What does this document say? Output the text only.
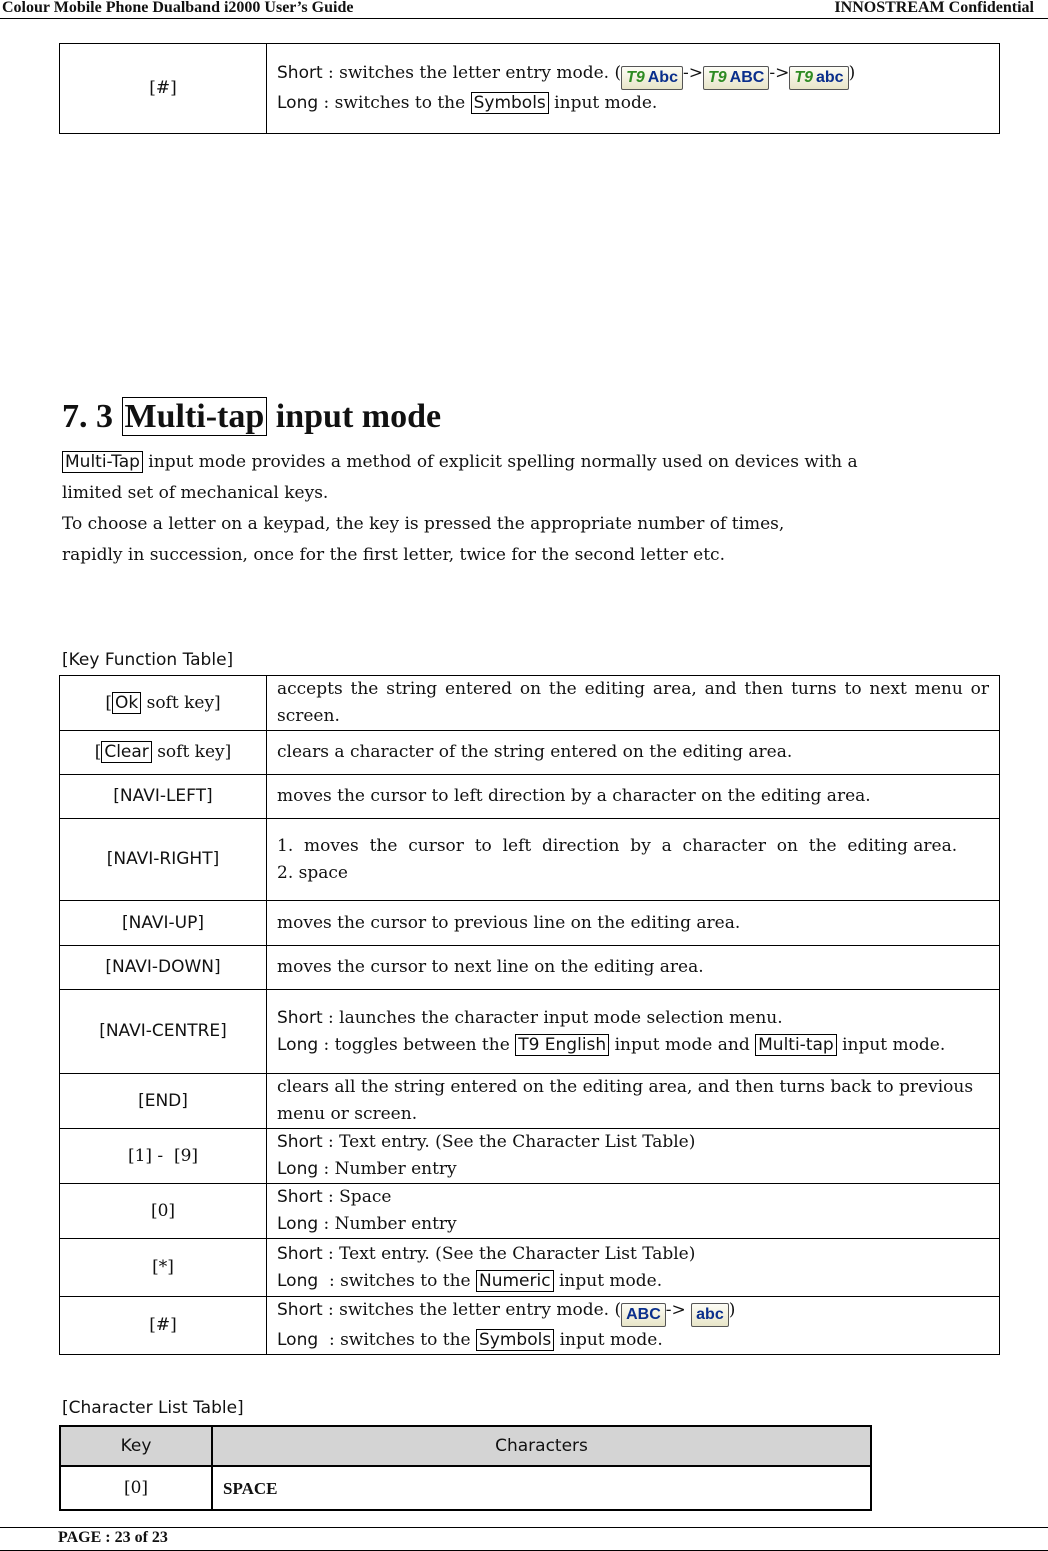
Colour Mobile Phone Dualband i2000 User’s Guide	INNOSTREAM Confidential
[#]	Short : switches the letter entry mode. ( T9 Abc -> T9 ABC -> T9 abc )
Long : switches to the Symbols input mode.
7. 3 Multi-tap input mode
Multi-Tap input mode provides a method of explicit spelling normally used on devices with a
limited set of mechanical keys.
To choose a letter on a keypad, the key is pressed the appropriate number of times,
rapidly in succession, once for the first letter, twice for the second letter etc.
[Key Function Table]
[ Ok soft key]	accepts the string entered on the editing area, and then turns to next menu or screen.
[ Clear soft key]	clears a character of the string entered on the editing area.
[NAVI-LEFT]	moves the cursor to left direction by a character on the editing area.
[NAVI-RIGHT]	1.  moves  the  cursor  to  left  direction  by  a  character  on  the  editing area.
2. space
[NAVI-UP]	moves the cursor to previous line on the editing area.
[NAVI-DOWN]	moves the cursor to next line on the editing area.
[NAVI-CENTRE]	Short : launches the character input mode selection menu.
Long : toggles between the T9 English input mode and Multi-tap input mode.
[END]	clears all the string entered on the editing area, and then turns back to previous menu or screen.
[1] -  [9]	Short : Text entry. (See the Character List Table)
Long : Number entry
[0]	Short : Space
Long : Number entry
[*]	Short : Text entry. (See the Character List Table)
Long  : switches to the Numeric input mode.
[#]	Short : switches the letter entry mode. ( ABC -> abc )
Long  : switches to the Symbols input mode.
[Character List Table]
Key	Characters
[0]	SPACE
PAGE : 23 of 23
